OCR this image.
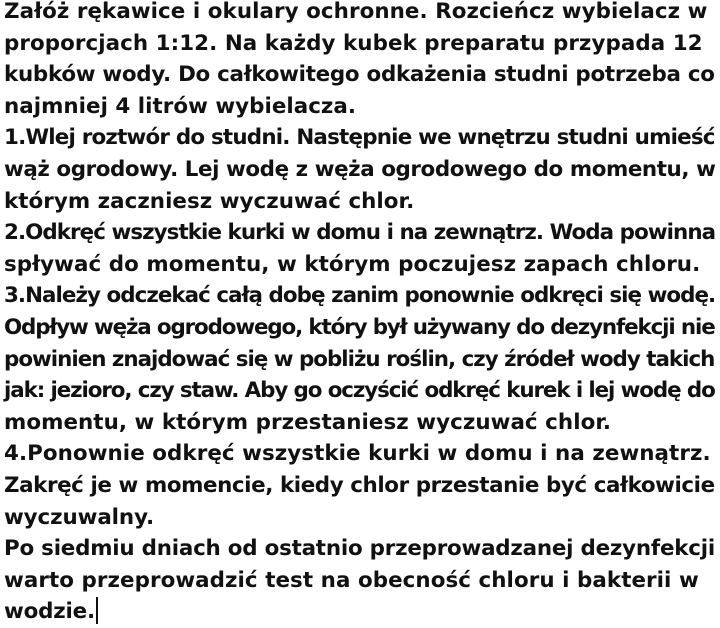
Załóż rękawice i okulary ochronne. Rozcieńcz wybielacz w
proporcjach 1:12. Na każdy kubek preparatu przypada 12
kubków wody. Do całkowitego odkażenia studni potrzeba co
najmniej 4 litrów wybielacza.
1.Wlej roztwór do studni. Następnie we wnętrzu studni umieść
wąż ogrodowy. Lej wodę z węża ogrodowego do momentu, w
którym zaczniesz wyczuwać chlor.
2.Odkręć wszystkie kurki w domu i na zewnątrz. Woda powinna
spływać do momentu, w którym poczujesz zapach chloru.
3.Należy odczekać całą dobę zanim ponownie odkręci się wodę.
Odpływ węża ogrodowego, który był używany do dezynfekcji nie
powinien znajdować się w pobliżu roślin, czy źródeł wody takich
jak: jezioro, czy staw. Aby go oczyścić odkręć kurek i lej wodę do
momentu, w którym przestaniesz wyczuwać chlor.
4.Ponownie odkręć wszystkie kurki w domu i na zewnątrz.
Zakręć je w momencie, kiedy chlor przestanie być całkowicie
wyczuwalny.
Po siedmiu dniach od ostatnio przeprowadzanej dezynfekcji
warto przeprowadzić test na obecność chloru i bakterii w
wodzie.
